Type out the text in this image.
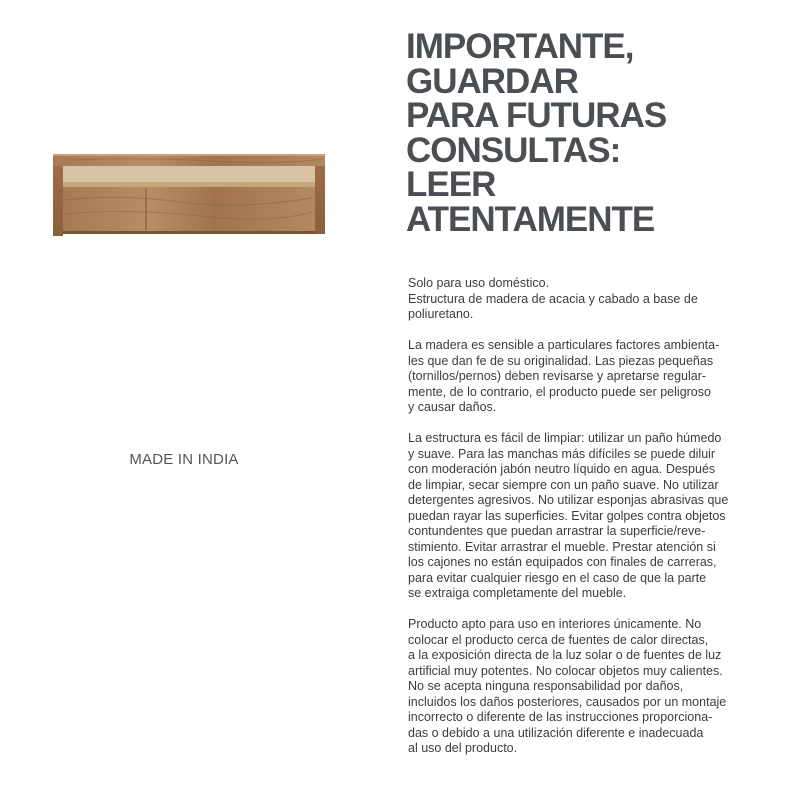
MADE IN INDIA
IMPORTANTE,
GUARDAR
PARA FUTURAS
CONSULTAS:
LEER
ATENTAMENTE

Solo para uso doméstico.
Estructura de madera de acacia y cabado a base de
poliuretano.

La madera es sensible a particulares factores ambienta-
les que dan fe de su originalidad. Las piezas pequeñas
(tornillos/pernos) deben revisarse y apretarse regular-
mente, de lo contrario, el producto puede ser peligroso
y causar daños.

La estructura es fácil de limpiar: utilizar un paño húmedo
y suave. Para las manchas más difíciles se puede diluir
con moderación jabón neutro líquido en agua. Después
de limpiar, secar siempre con un paño suave. No utilizar
detergentes agresivos. No utilizar esponjas abrasivas que
puedan rayar las superficies. Evitar golpes contra objetos
contundentes que puedan arrastrar la superficie/reve-
stimiento. Evitar arrastrar el mueble. Prestar atención si
los cajones no están equipados con finales de carreras,
para evitar cualquier riesgo en el caso de que la parte
se extraiga completamente del mueble.

Producto apto para uso en interiores únicamente. No
colocar el producto cerca de fuentes de calor directas,
a la exposición directa de la luz solar o de fuentes de luz
artificial muy potentes. No colocar objetos muy calientes.
No se acepta ninguna responsabilidad por daños,
incluidos los daños posteriores, causados por un montaje
incorrecto o diferente de las instrucciones proporciona-
das o debido a una utilización diferente e inadecuada
al uso del producto.
